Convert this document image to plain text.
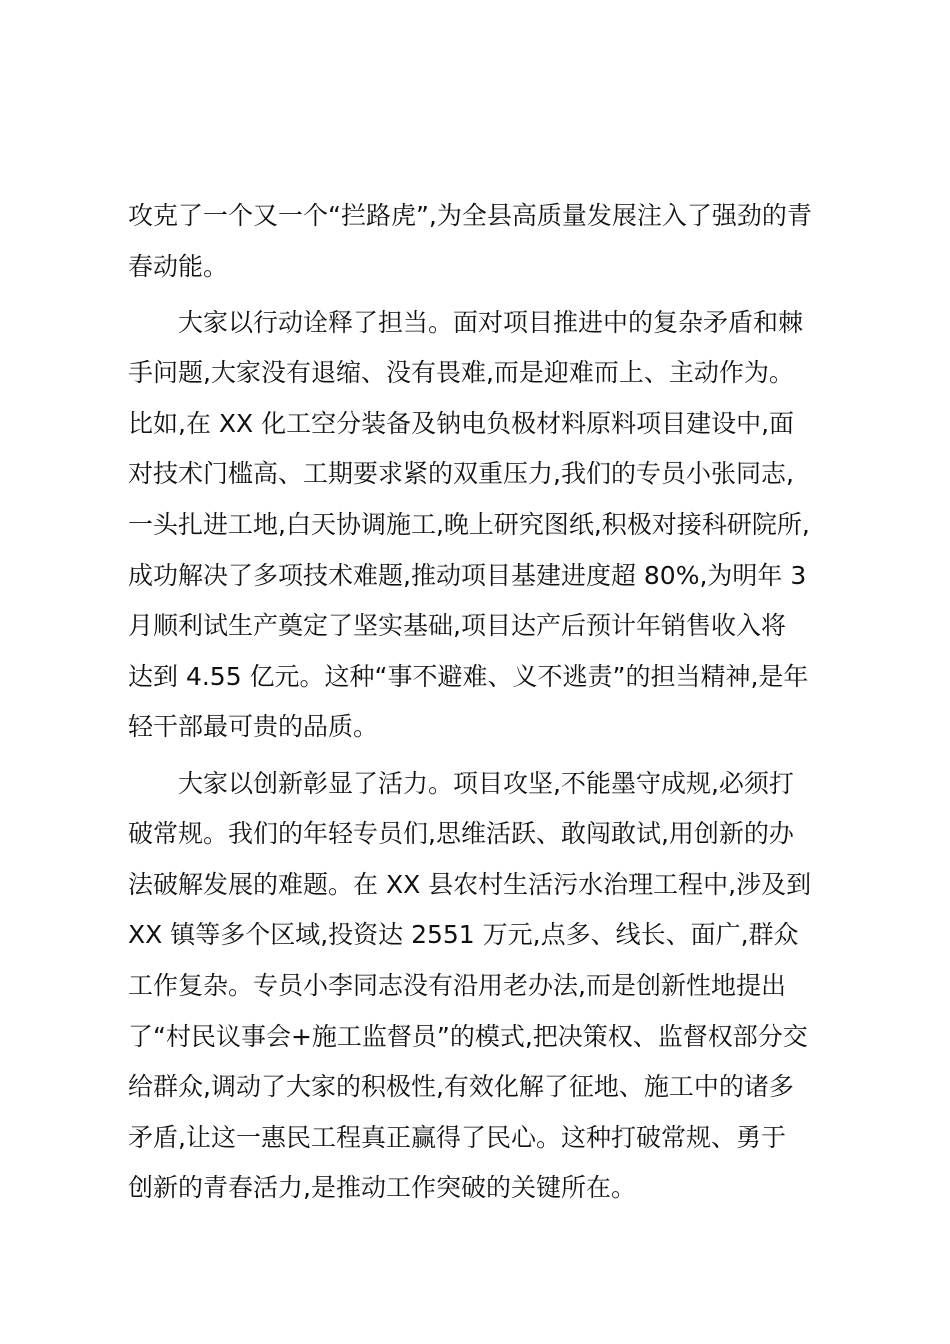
攻克了一个又一个“拦路虎”,为全县高质量发展注入了强劲的青
春动能。
大家以行动诠释了担当。面对项目推进中的复杂矛盾和棘
手问题,大家没有退缩、没有畏难,而是迎难而上、主动作为。
比如,在 XX 化工空分装备及钠电负极材料原料项目建设中,面
对技术门槛高、工期要求紧的双重压力,我们的专员小张同志,
一头扎进工地,白天协调施工,晚上研究图纸,积极对接科研院所,
成功解决了多项技术难题,推动项目基建进度超 80%,为明年 3
月顺利试生产奠定了坚实基础,项目达产后预计年销售收入将
达到 4.55 亿元。这种“事不避难、义不逃责”的担当精神,是年
轻干部最可贵的品质。
大家以创新彰显了活力。项目攻坚,不能墨守成规,必须打
破常规。我们的年轻专员们,思维活跃、敢闯敢试,用创新的办
法破解发展的难题。在 XX 县农村生活污水治理工程中,涉及到
XX 镇等多个区域,投资达 2551 万元,点多、线长、面广,群众
工作复杂。专员小李同志没有沿用老办法,而是创新性地提出
了“村民议事会+施工监督员”的模式,把决策权、监督权部分交
给群众,调动了大家的积极性,有效化解了征地、施工中的诸多
矛盾,让这一惠民工程真正赢得了民心。这种打破常规、勇于
创新的青春活力,是推动工作突破的关键所在。
